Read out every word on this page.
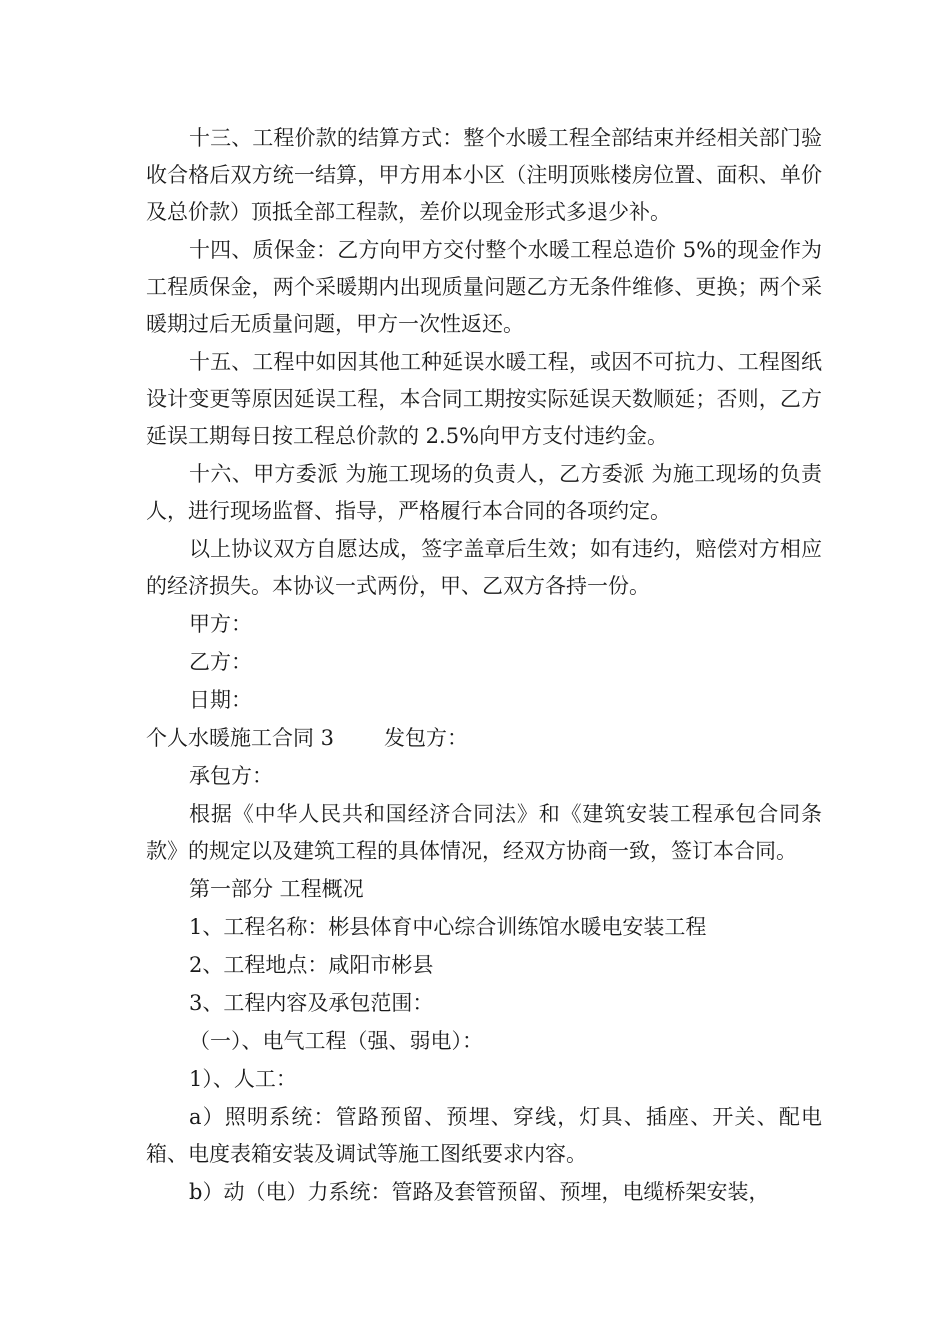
十三、工程价款的结算方式：整个水暖工程全部结束并经相关部门验收合格后双方统一结算，甲方用本小区（注明顶账楼房位置、面积、单价及总价款）顶抵全部工程款，差价以现金形式多退少补。

十四、质保金：乙方向甲方交付整个水暖工程总造价 5%的现金作为工程质保金，两个采暖期内出现质量问题乙方无条件维修、更换；两个采暖期过后无质量问题，甲方一次性返还。

十五、工程中如因其他工种延误水暖工程，或因不可抗力、工程图纸设计变更等原因延误工程，本合同工期按实际延误天数顺延；否则，乙方延误工期每日按工程总价款的 2.5%向甲方支付违约金。

十六、甲方委派 为施工现场的负责人，乙方委派 为施工现场的负责人，进行现场监督、指导，严格履行本合同的各项约定。

以上协议双方自愿达成，签字盖章后生效；如有违约，赔偿对方相应的经济损失。本协议一式两份，甲、乙双方各持一份。

甲方：

乙方：

日期：

个人水暖施工合同 3	发包方：

承包方：

根据《中华人民共和国经济合同法》和《建筑安装工程承包合同条款》的规定以及建筑工程的具体情况，经双方协商一致，签订本合同。

第一部分 工程概况

1、工程名称：彬县体育中心综合训练馆水暖电安装工程

2、工程地点：咸阳市彬县

3、工程内容及承包范围：

（一）、电气工程（强、弱电）：

1）、人工：

a）照明系统：管路预留、预埋、穿线，灯具、插座、开关、配电箱、电度表箱安装及调试等施工图纸要求内容。

b）动（电）力系统：管路及套管预留、预埋，电缆桥架安装，
